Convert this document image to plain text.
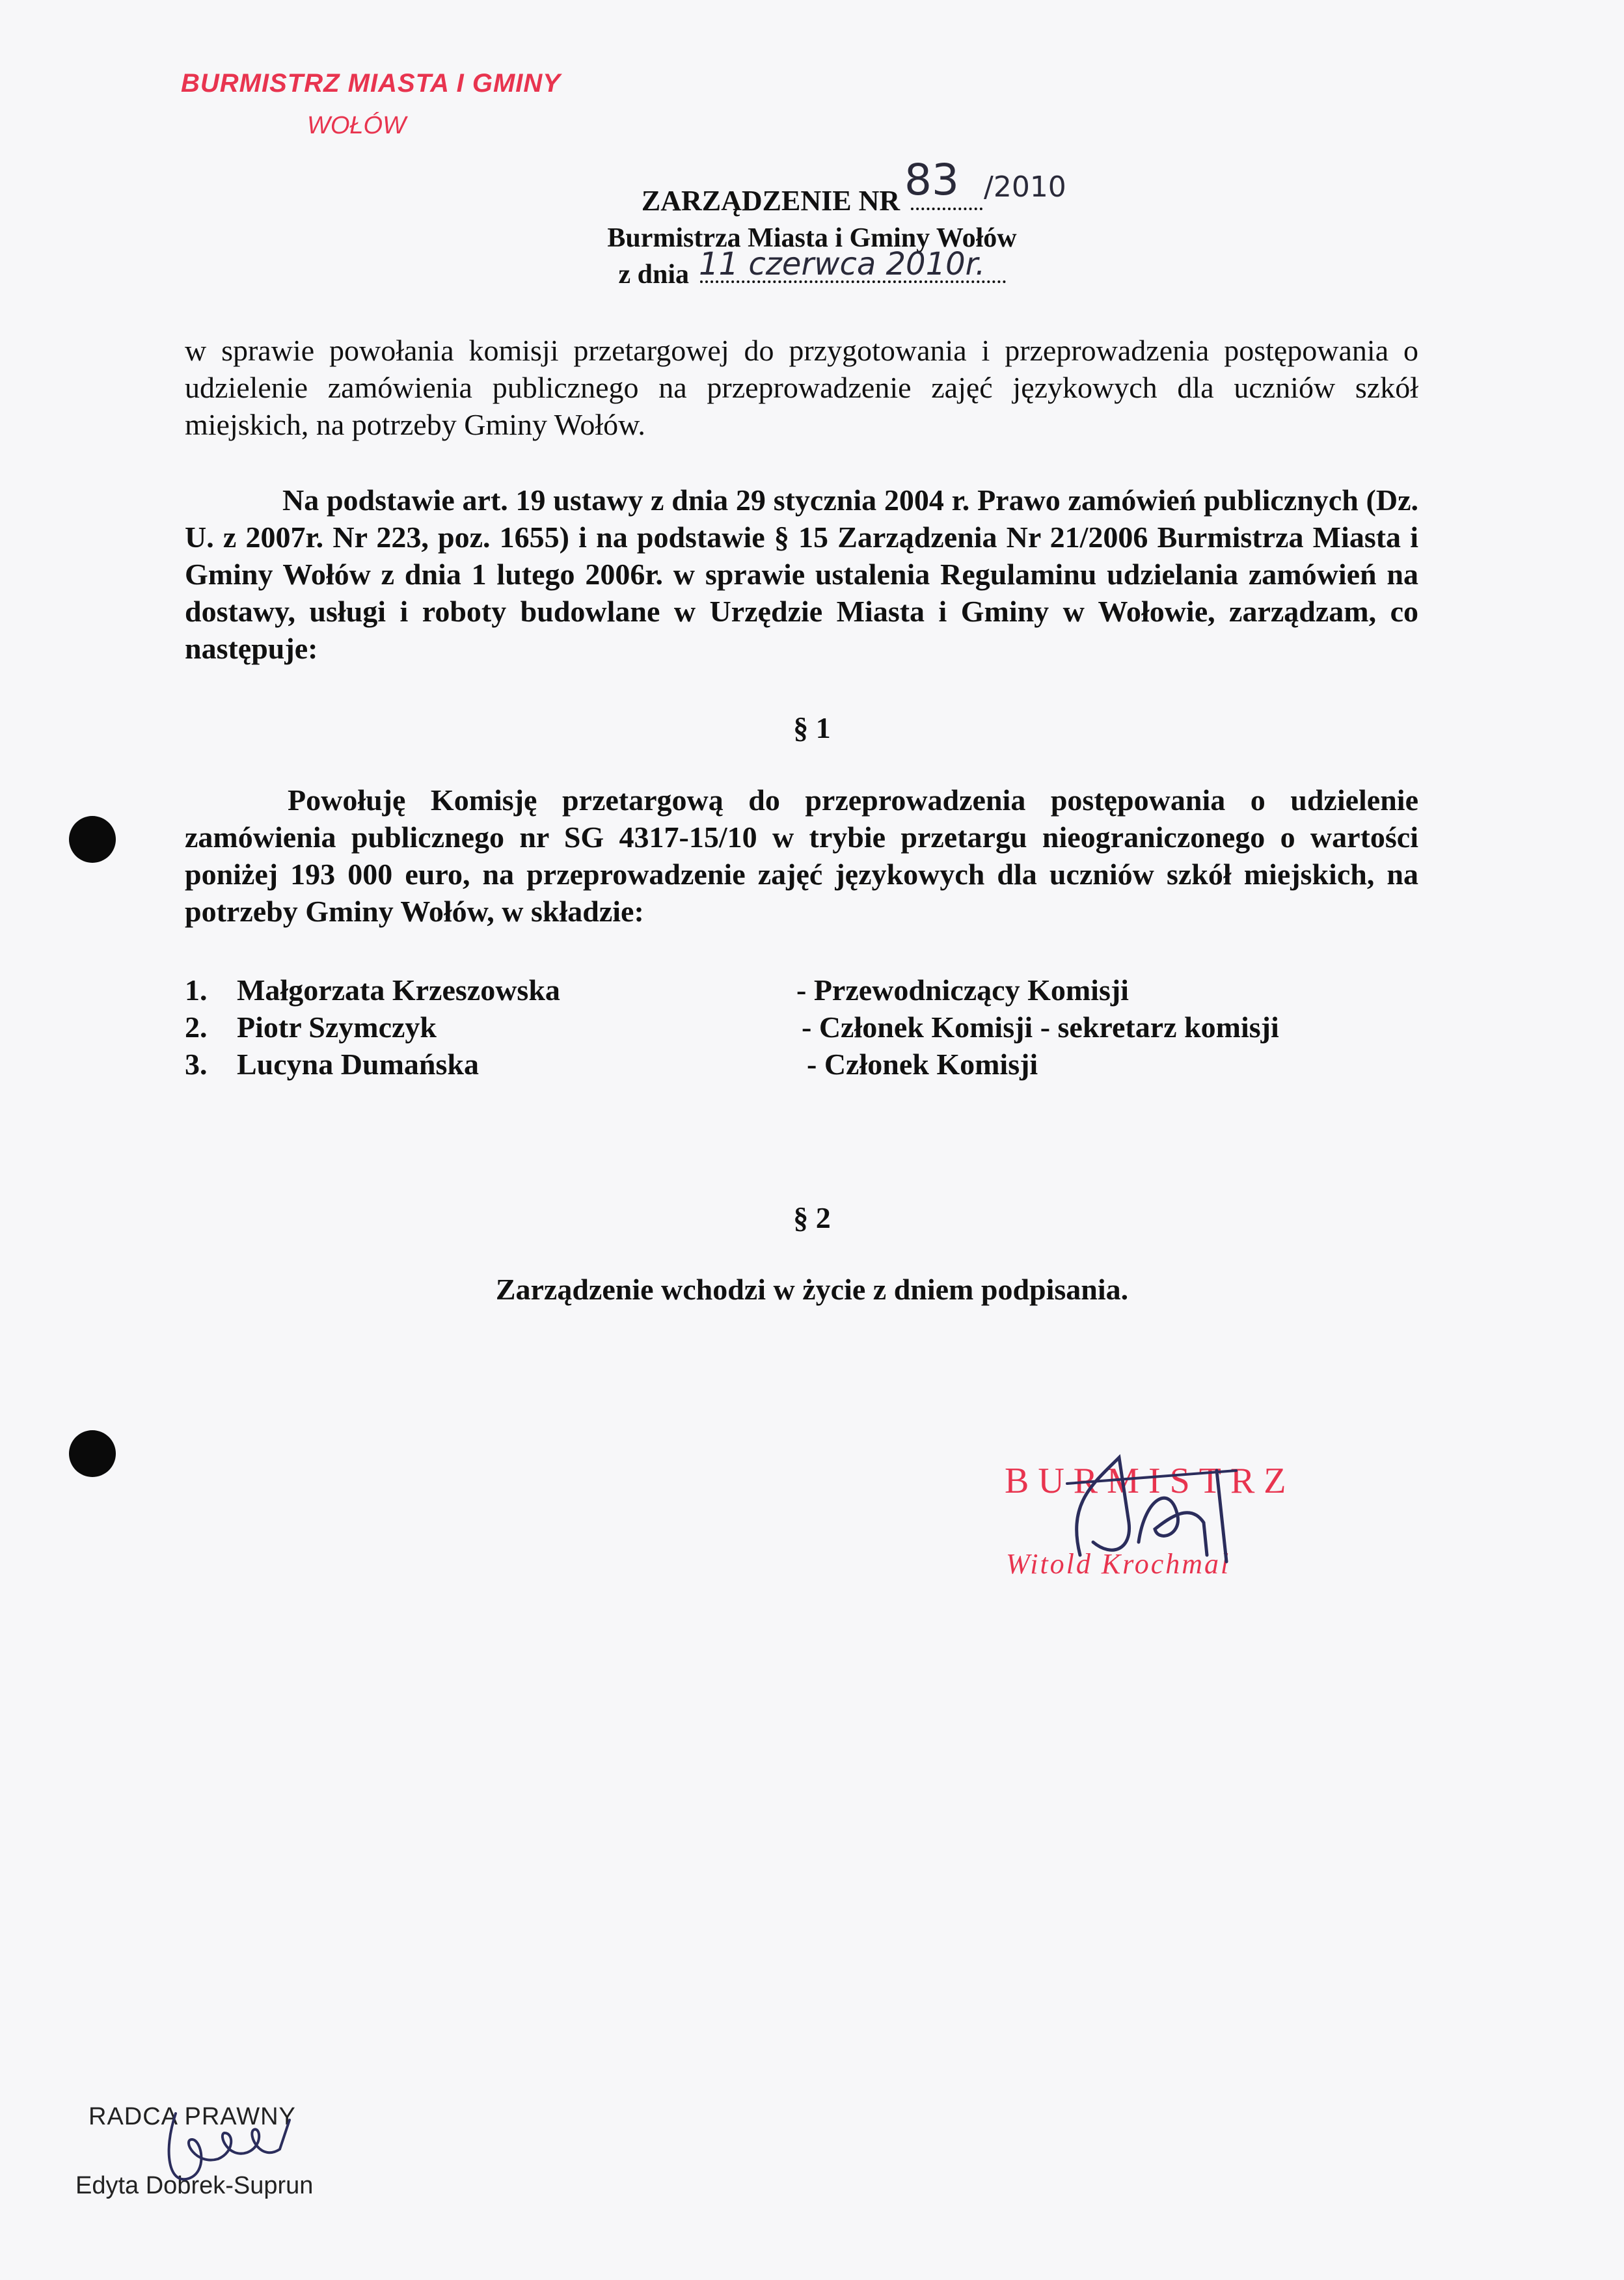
BURMISTRZ MIASTA I GMINY
WOŁÓW
ZARZĄDZENIE NR 83 /2010
Burmistrza Miasta i Gminy Wołów
z dnia 11 czerwca 2010r.

w sprawie powołania komisji przetargowej do przygotowania i przeprowadzenia postępowania o udzielenie zamówienia publicznego na przeprowadzenie zajęć językowych dla uczniów szkół miejskich, na potrzeby Gminy Wołów.

Na podstawie art. 19 ustawy z dnia 29 stycznia 2004 r. Prawo zamówień publicznych (Dz. U. z 2007r. Nr 223, poz. 1655) i na podstawie § 15 Zarządzenia Nr 21/2006 Burmistrza Miasta i Gminy Wołów z dnia 1 lutego 2006r. w sprawie ustalenia Regulaminu udzielania zamówień na dostawy, usługi i roboty budowlane w Urzędzie Miasta i Gminy w Wołowie, zarządzam, co następuje:

§ 1

Powołuję Komisję przetargową do przeprowadzenia postępowania o udzielenie zamówienia publicznego nr SG 4317-15/10 w trybie przetargu nieograniczonego o wartości poniżej 193 000 euro, na przeprowadzenie zajęć językowych dla uczniów szkół miejskich, na potrzeby Gminy Wołów, w składzie:

1. Małgorzata Krzeszowska	- Przewodniczący Komisji
2. Piotr Szymczyk	- Członek Komisji - sekretarz komisji
3. Lucyna Dumańska	- Członek Komisji
§ 2
Zarządzenie wchodzi w życie z dniem podpisania.
BURMISTRZ
Witold Krochmal
RADCA PRAWNY
Edyta Dobrek-Suprun
